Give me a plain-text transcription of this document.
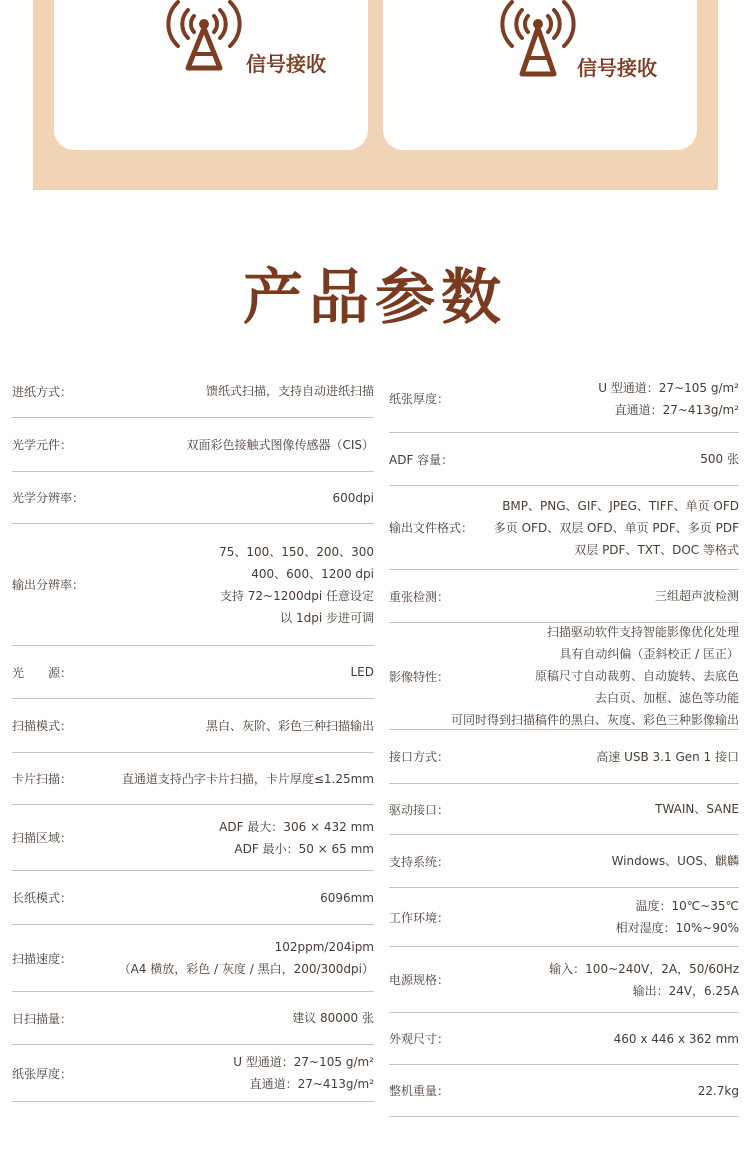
信号接收	信号接收
产品参数
进纸方式：	馈纸式扫描，支持自动进纸扫描
光学元件：	双面彩色接触式图像传感器（CIS）
光学分辨率：	600dpi
输出分辨率：
75、100、150、200、300
400、600、1200 dpi
支持 72~1200dpi 任意设定
以 1dpi 步进可调
光　　源：	LED
扫描模式：	黑白、灰阶、彩色三种扫描输出
卡片扫描：	直通道支持凸字卡片扫描，卡片厚度≤1.25mm
扫描区域：
ADF 最大：306 × 432 mm
ADF 最小：50 × 65 mm
长纸模式：	6096mm
扫描速度：
102ppm/204ipm
（A4 横放，彩色 / 灰度 / 黑白，200/300dpi）
日扫描量：	建议 80000 张
纸张厚度：
U 型通道：27~105 g/m²
直通道：27~413g/m²
纸张厚度：
U 型通道：27~105 g/m²
直通道：27~413g/m²
ADF 容量：	500 张
输出文件格式：
BMP、PNG、GIF、JPEG、TIFF、单页 OFD
多页 OFD、双层 OFD、单页 PDF、多页 PDF
双层 PDF、TXT、DOC 等格式
重张检测：	三组超声波检测
影像特性：
扫描驱动软件支持智能影像优化处理
具有自动纠偏（歪斜校正 / 匡正）
原稿尺寸自动裁剪、自动旋转、去底色
去白页、加框、滤色等功能
可同时得到扫描稿件的黑白、灰度、彩色三种影像输出
接口方式：	高速 USB 3.1 Gen 1 接口
驱动接口：	TWAIN、SANE
支持系统：	Windows、UOS、麒麟
工作环境：
温度：10℃~35℃
相对湿度：10%~90%
电源规格：
输入：100~240V，2A，50/60Hz
输出：24V，6.25A
外观尺寸：	460 x 446 x 362 mm
整机重量：	22.7kg
